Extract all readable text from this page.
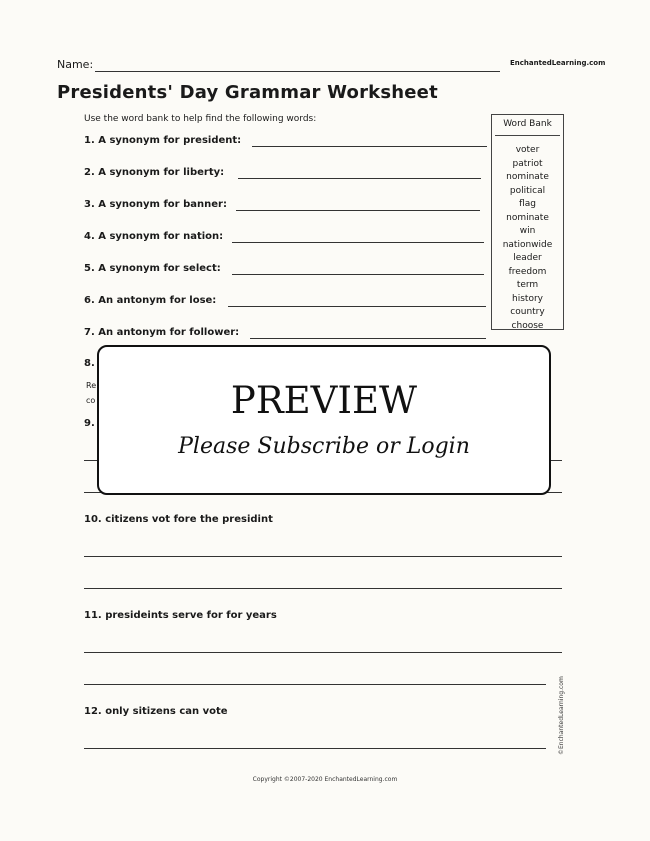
Name:	EnchantedLearning.com
Presidents' Day Grammar Worksheet
Use the word bank to help find the following words:
1. A synonym for president:
2. A synonym for liberty:
3. A synonym for banner:
4. A synonym for nation:
5. A synonym for select:
6. An antonym for lose:
7. An antonym for follower:
Word Bank
voter
patriot
nominate
political
flag
nominate
win
nationwide
leader
freedom
term
history
country
choose
8.
Re
co
9.
10. citizens vot fore the presidint
11. presideints serve for for years
12. only sitizens can vote
PREVIEW
Please Subscribe or Login
Copyright ©2007-2020 EnchantedLearning.com
©EnchantedLearning.com
